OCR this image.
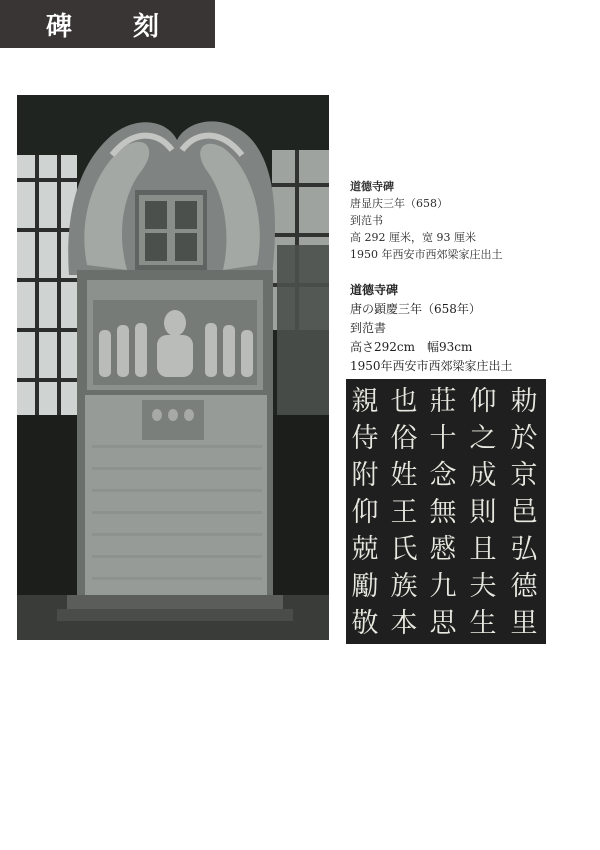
碑 刻
道德寺碑
唐显庆三年（658）
到范书
高 292 厘米，宽 93 厘米
1950 年西安市西郊梁家庄出土
道德寺碑
唐の顕慶三年（658年）
到范書
高さ292cm　幅93cm
1950年西安市西郊梁家庄出土
勅
於
京
邑
弘
德
里
仰
之
成
則
且
夫
生
莊
十
念
無
慼
九
思
也
俗
姓
王
氏
族
本
親
侍
附
仰
兢
勵
敬
